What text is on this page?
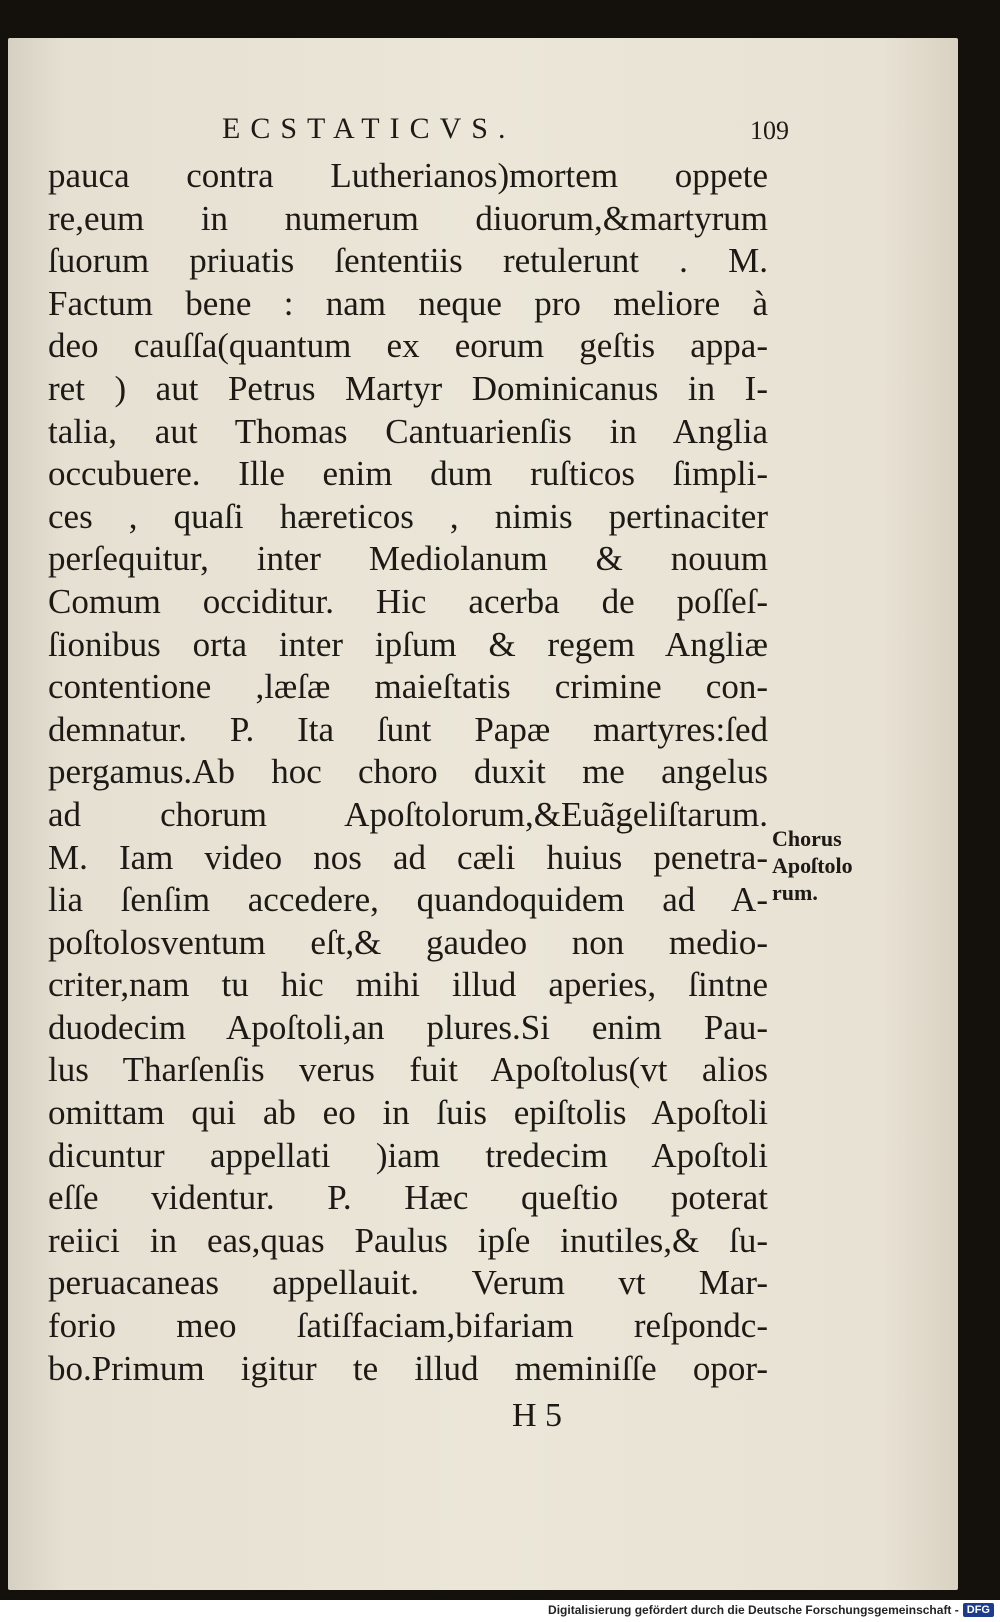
ECSTATICVS.	109
pauca contra Lutherianos)mortem oppete
re,eum in numerum diuorum,&martyrum
ſuorum priuatis ſententiis retulerunt . M.
Factum bene : nam neque pro meliore à
deo cauſſa(quantum ex eorum geſtis appa-
ret ) aut Petrus Martyr Dominicanus in I-
talia, aut Thomas Cantuarienſis in Anglia
occubuere. Ille enim dum ruſticos ſimpli-
ces , quaſi hæreticos , nimis pertinaciter
perſequitur, inter Mediolanum & nouum
Comum occiditur. Hic acerba de poſſeſ-
ſionibus orta inter ipſum & regem Angliæ
contentione ,læſæ maieſtatis crimine con-
demnatur. P. Ita ſunt Papæ martyres:ſed
pergamus.Ab hoc choro duxit me angelus
ad chorum Apoſtolorum,&Euãgeliſtarum.
M. Iam video nos ad cæli huius penetra-
lia ſenſim accedere, quandoquidem ad A-
poſtolosventum eſt,& gaudeo non medio-
criter,nam tu hic mihi illud aperies, ſintne
duodecim Apoſtoli,an plures.Si enim Pau-
lus Tharſenſis verus fuit Apoſtolus(vt alios
omittam qui ab eo in ſuis epiſtolis Apoſtoli
dicuntur appellati )iam tredecim Apoſtoli
eſſe videntur. P. Hæc queſtio poterat
reiici in eas,quas Paulus ipſe inutiles,& ſu-
peruacaneas appellauit. Verum vt Mar-
forio meo ſatiſfaciam,bifariam reſpondc-
bo.Primum igitur te illud meminiſſe opor-
Chorus
Apoſtolo
rum.
H 5
Digitalisierung gefördert durch die Deutsche Forschungsgemeinschaft - DFG
